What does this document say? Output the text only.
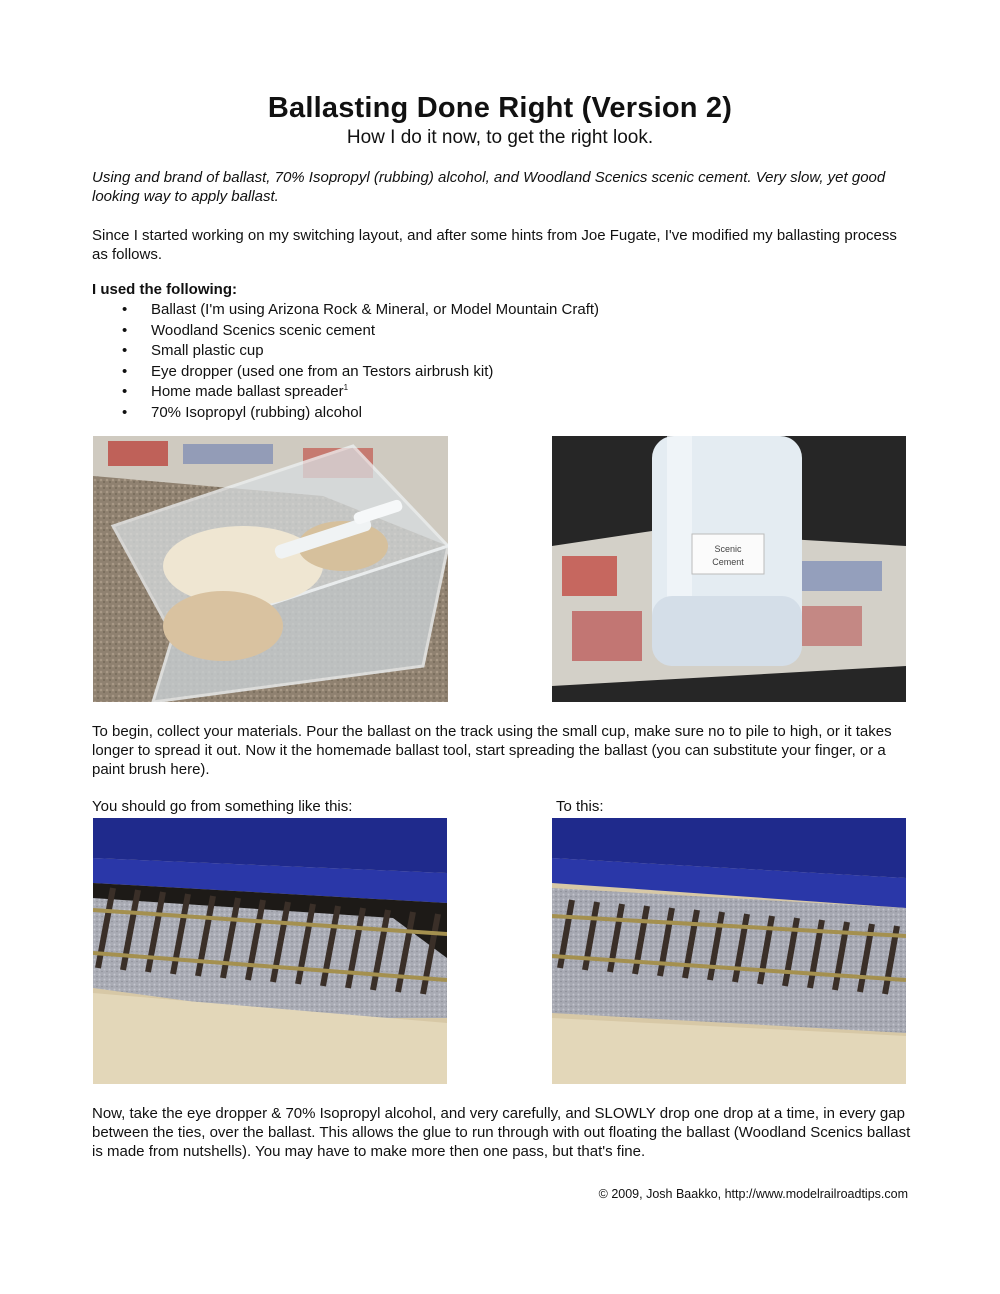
Ballasting Done Right (Version 2)
How I do it now, to get the right look.
Using and brand of ballast, 70% Isopropyl (rubbing) alcohol, and Woodland Scenics scenic cement. Very slow, yet good looking way to apply ballast.
Since I started working on my switching layout, and after some hints from Joe Fugate, I've modified my ballasting process as follows.
I used the following:
• Ballast (I'm using Arizona Rock & Mineral, or Model Mountain Craft)
• Woodland Scenics scenic cement
• Small plastic cup
• Eye dropper (used one from an Testors airbrush kit)
• Home made ballast spreader$^1$
• 70% Isopropyl (rubbing) alcohol
Scenic
Cement
To begin, collect your materials. Pour the ballast on the track using the small cup, make sure no to pile to high, or it takes longer to spread it out. Now it the homemade ballast tool, start spreading the ballast (you can substitute your finger, or a paint brush here).
You should go from something like this:	To this:
Now, take the eye dropper & 70% Isopropyl alcohol, and very carefully, and SLOWLY drop one drop at a time, in every gap between the ties, over the ballast. This allows the glue to run through with out floating the ballast (Woodland Scenics ballast is made from nutshells). You may have to make more then one pass, but that's fine.
© 2009, Josh Baakko, http://www.modelrailroadtips.com
